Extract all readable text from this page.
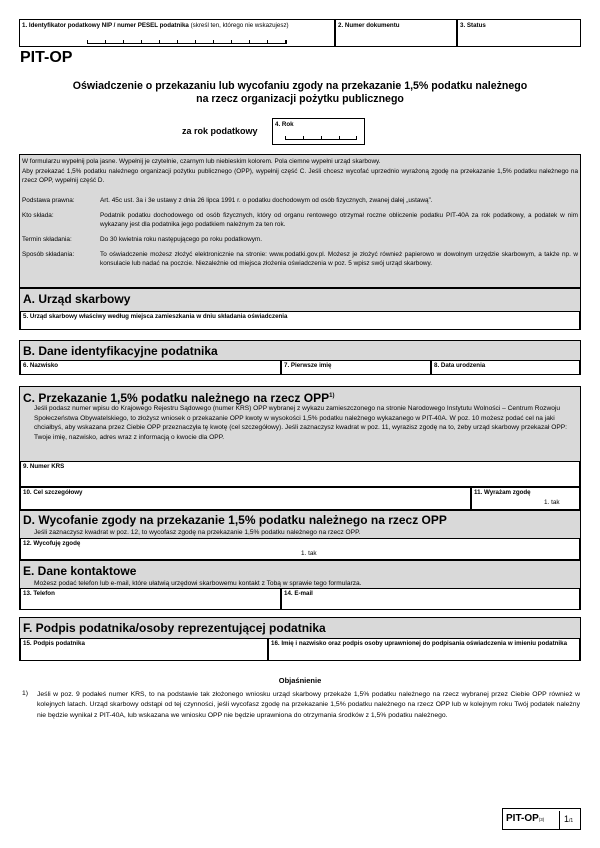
1. Identyfikator podatkowy NIP / numer PESEL podatnika (skreśl ten, którego nie wskazujesz)	2. Numer dokumentu	3. Status
PIT-OP
Oświadczenie o przekazaniu lub wycofaniu zgody na przekazanie 1,5% podatku należnego
na rzecz organizacji pożytku publicznego
za rok podatkowy
4. Rok
W formularzu wypełnij pola jasne. Wypełnij je czytelnie, czarnym lub niebieskim kolorem. Pola ciemne wypełni urząd skarbowy.
Aby przekazać 1,5% podatku należnego organizacji pożytku publicznego (OPP), wypełnij część C. Jeśli chcesz wycofać uprzednio wyrażoną zgodę na przekazanie 1,5% podatku należnego na rzecz OPP, wypełnij część D.
Podstawa prawna:	Art. 45c ust. 3a i 3e ustawy z dnia 26 lipca 1991 r. o podatku dochodowym od osób fizycznych, zwanej dalej „ustawą”.
Kto składa:	Podatnik podatku dochodowego od osób fizycznych, który od organu rentowego otrzymał roczne obliczenie podatku PIT-40A za rok podatkowy, a podatek w nim wykazany jest dla podatnika jego podatkiem należnym za ten rok.
Termin składania:	Do 30 kwietnia roku następującego po roku podatkowym.
Sposób składania:	To oświadczenie możesz złożyć elektronicznie na stronie: www.podatki.gov.pl. Możesz je złożyć również papierowo w dowolnym urzędzie skarbowym, a także np. w konsulacie lub nadać na poczcie. Niezależnie od miejsca złożenia oświadczenia w poz. 5 wpisz swój urząd skarbowy.
A. Urząd skarbowy
5. Urząd skarbowy właściwy według miejsca zamieszkania w dniu składania oświadczenia
B. Dane identyfikacyjne podatnika
6. Nazwisko	7. Pierwsze imię	8. Data urodzenia
C. Przekazanie 1,5% podatku należnego na rzecz OPP$^{1)}$
Jeśli podasz numer wpisu do Krajowego Rejestru Sądowego (numer KRS) OPP wybranej z wykazu zamieszczonego na stronie Narodowego Instytutu Wolności – Centrum Rozwoju Społeczeństwa Obywatelskiego, to złożysz wniosek o przekazanie OPP kwoty w wysokości 1,5% podatku należnego wykazanego w PIT-40A. W poz. 10 możesz podać cel na jaki chciałbyś, aby wskazana przez Ciebie OPP przeznaczyła tę kwotę (cel szczegółowy). Jeśli zaznaczysz kwadrat w poz. 11, wyrazisz zgodę na to, żeby urząd skarbowy przekazał OPP: Twoje imię, nazwisko, adres wraz z informacją o kwocie dla OPP.
9. Numer KRS
10. Cel szczegółowy	11. Wyrażam zgodę
1. tak
D. Wycofanie zgody na przekazanie 1,5% podatku należnego na rzecz OPP
Jeśli zaznaczysz kwadrat w poz. 12, to wycofasz zgodę na przekazanie 1,5% podatku należnego na rzecz OPP.
12. Wycofuję zgodę
1. tak
E. Dane kontaktowe
Możesz podać telefon lub e-mail, które ułatwią urzędowi skarbowemu kontakt z Tobą w sprawie tego formularza.
13. Telefon	14. E-mail
F. Podpis podatnika/osoby reprezentującej podatnika
15. Podpis podatnika	16. Imię i nazwisko oraz podpis osoby uprawnionej do podpisania oświadczenia w imieniu podatnika
Objaśnienie
1) Jeśli w poz. 9 podałeś numer KRS, to na podstawie tak złożonego wniosku urząd skarbowy przekaże 1,5% podatku należnego na rzecz wybranej przez Ciebie OPP również w kolejnych latach. Urząd skarbowy odstąpi od tej czynności, jeśli wycofasz zgodę na przekazanie 1,5% podatku należnego na rzecz OPP lub w kolejnym roku Twój podatek należny nie będzie wynikał z PIT-40A, lub wskazana we wniosku OPP nie będzie uprawniona do otrzymania środków z 1,5% podatku należnego.
PIT-OP(3) 1/1
